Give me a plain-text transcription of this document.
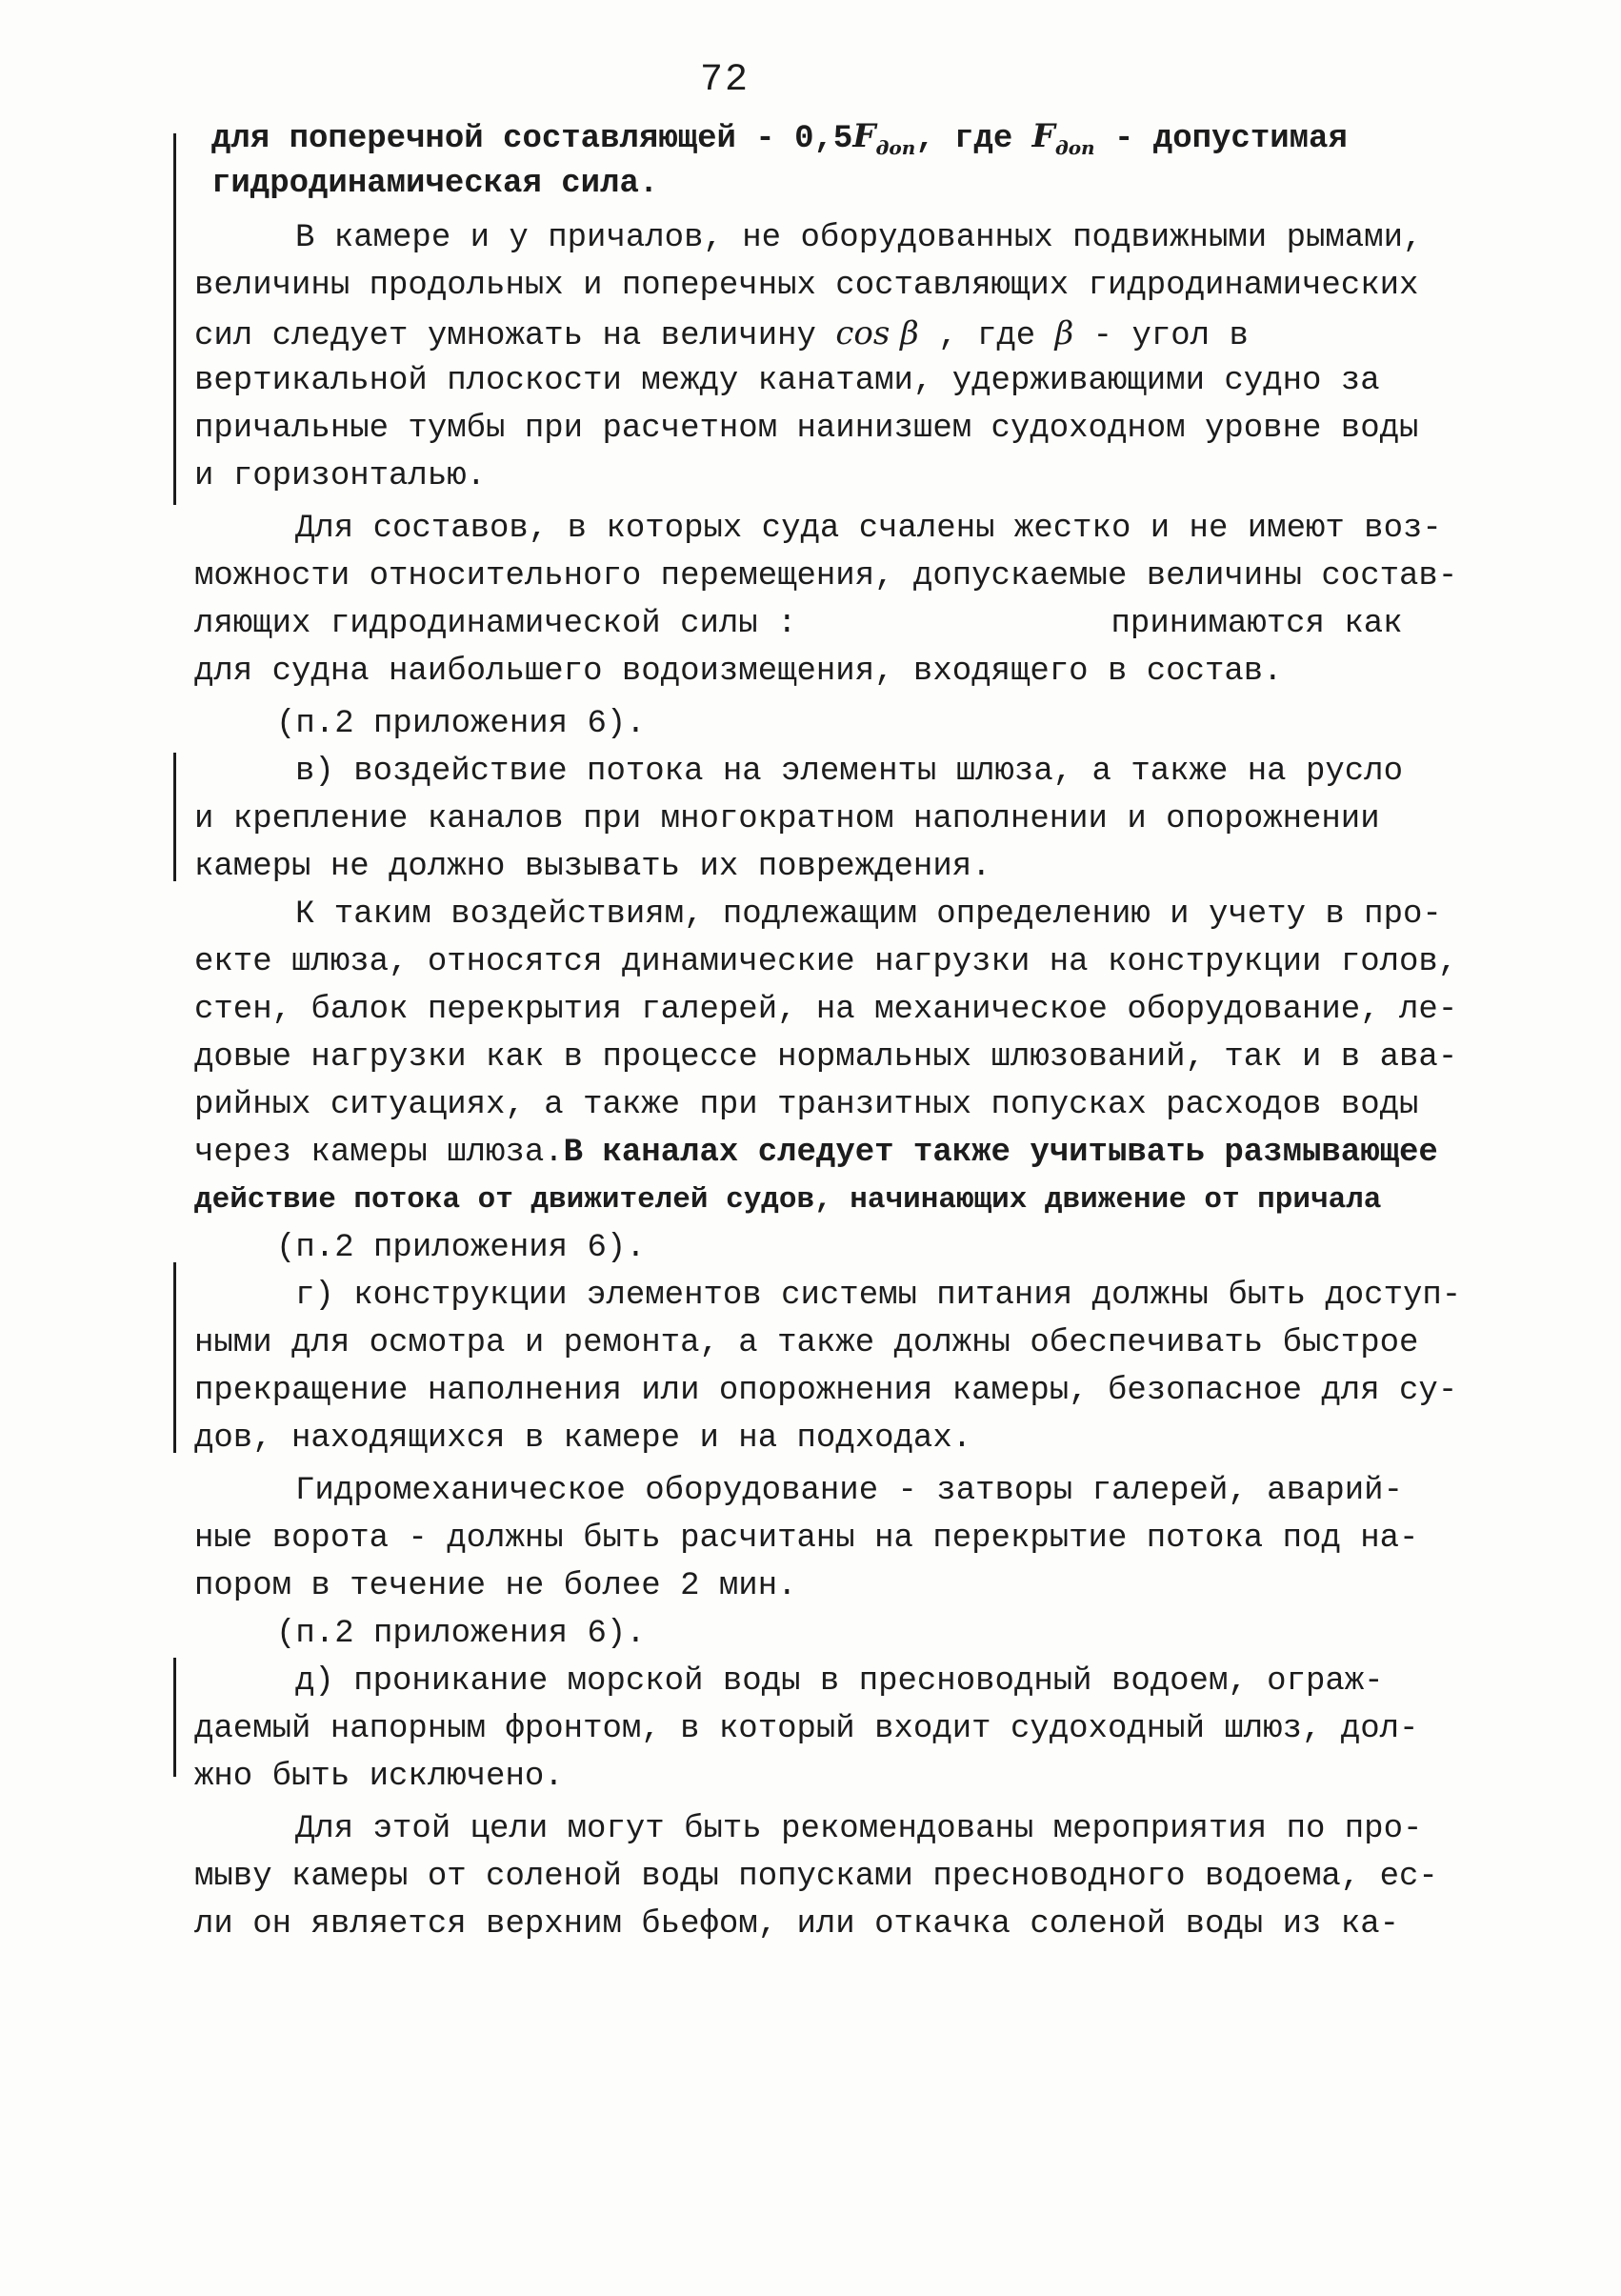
72
для поперечной составляющей - $0,5F_{доп}$, где $F_{доп}$ - допустимая
гидродинамическая сила.
В камере и у причалов, не оборудованных подвижными рымами,
величины продольных и поперечных составляющих гидродинамических
сил следует умножать на величину cos β , где β - угол в
вертикальной плоскости между канатами, удерживающими судно за
причальные тумбы при расчетном наинизшем судоходном уровне воды
и горизонталью.
Для составов, в которых суда счалены жестко и не имеют воз-
можности относительного перемещения, допускаемые величины состав-
ляющих гидродинамической силы :	принимаются как
для судна наибольшего водоизмещения, входящего в состав.
(п.2 приложения 6).
в) воздействие потока на элементы шлюза, а также на русло
и крепление каналов при многократном наполнении и опорожнении
камеры не должно вызывать их повреждения.
К таким воздействиям, подлежащим определению и учету в про-
екте шлюза, относятся динамические нагрузки на конструкции голов,
стен, балок перекрытия галерей, на механическое оборудование, ле-
довые нагрузки как в процессе нормальных шлюзований, так и в ава-
рийных ситуациях, а также при транзитных попусках расходов воды
через камеры шлюза.В каналах следует также учитывать размывающее
действие потока от движителей судов, начинающих движение от причала
(п.2 приложения 6).
г) конструкции элементов системы питания должны быть доступ-
ными для осмотра и ремонта, а также должны обеспечивать быстрое
прекращение наполнения или опорожнения камеры, безопасное для су-
дов, находящихся в камере и на подходах.
Гидромеханическое оборудование - затворы галерей, аварий-
ные ворота - должны быть расчитаны на перекрытие потока под на-
пором в течение не более 2 мин.
(п.2 приложения 6).
д) проникание морской воды в пресноводный водоем, ограж-
даемый напорным фронтом, в который входит судоходный шлюз, дол-
жно быть исключено.
Для этой цели могут быть рекомендованы мероприятия по про-
мыву камеры от соленой воды попусками пресноводного водоема, ес-
ли он является верхним бьефом, или откачка соленой воды из ка-
